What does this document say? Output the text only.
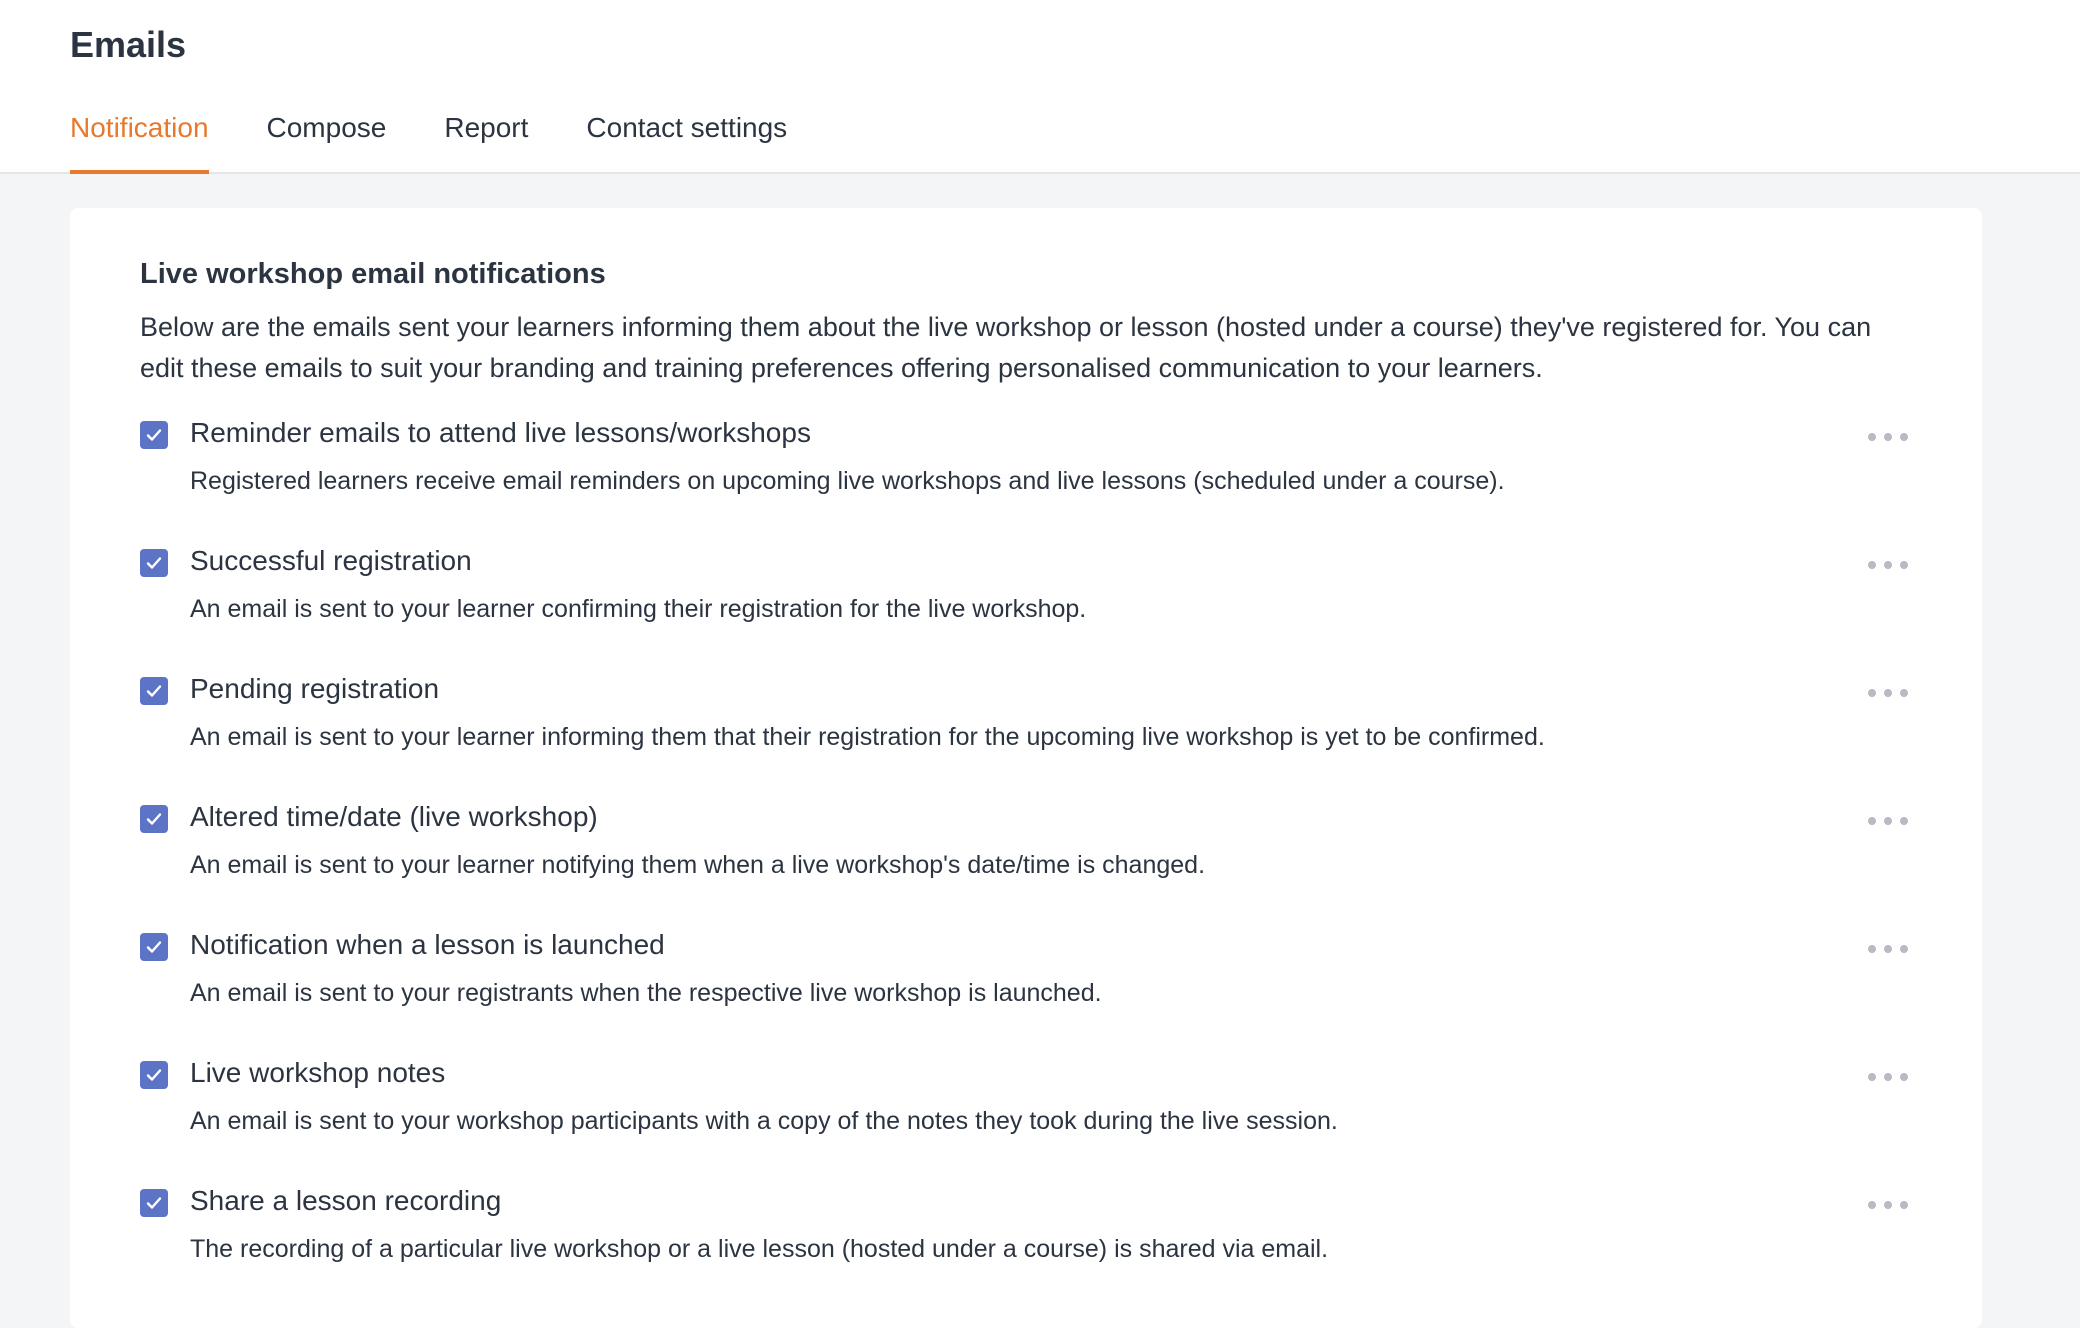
Emails
Notification Compose Report Contact settings
Live workshop email notifications

Below are the emails sent your learners informing them about the live workshop or lesson (hosted under a course) they've registered for. You can edit these emails to suit your branding and training preferences offering personalised communication to your learners.

Reminder emails to attend live lessons/workshops
Registered learners receive email reminders on upcoming live workshops and live lessons (scheduled under a course).
Successful registration
An email is sent to your learner confirming their registration for the live workshop.
Pending registration
An email is sent to your learner informing them that their registration for the upcoming live workshop is yet to be confirmed.
Altered time/date (live workshop)
An email is sent to your learner notifying them when a live workshop's date/time is changed.
Notification when a lesson is launched
An email is sent to your registrants when the respective live workshop is launched.
Live workshop notes
An email is sent to your workshop participants with a copy of the notes they took during the live session.
Share a lesson recording
The recording of a particular live workshop or a live lesson (hosted under a course) is shared via email.
